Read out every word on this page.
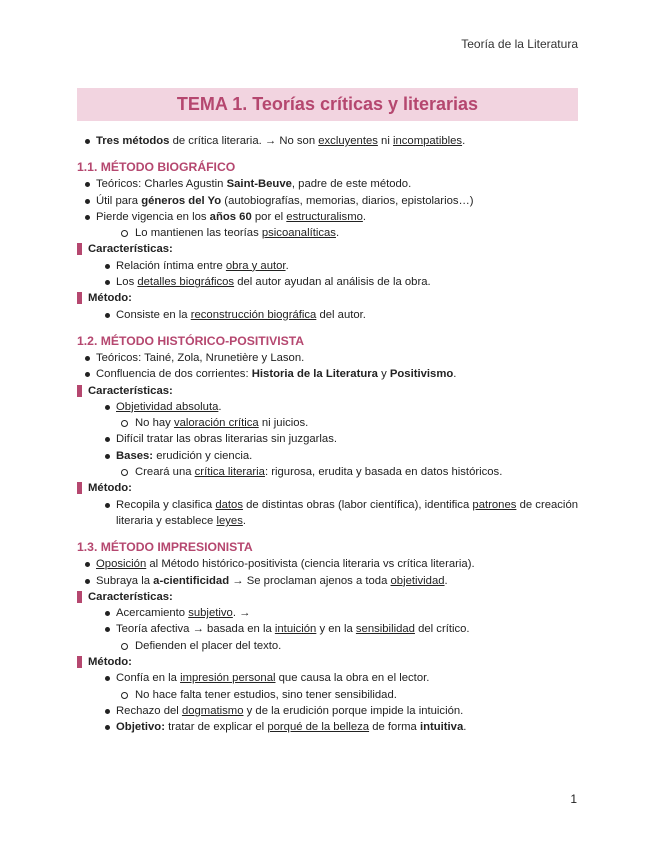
Teoría de la Literatura
TEMA 1. Teorías críticas y literarias
Tres métodos de crítica literaria. → No son excluyentes ni incompatibles.
1.1. MÉTODO BIOGRÁFICO
Teóricos: Charles Agustin Saint-Beuve, padre de este método.
Útil para géneros del Yo (autobiografías, memorias, diarios, epistolarios…)
Pierde vigencia en los años 60 por el estructuralismo.
Lo mantienen las teorías psicoanalíticas.
Características:
Relación íntima entre obra y autor.
Los detalles biográficos del autor ayudan al análisis de la obra.
Método:
Consiste en la reconstrucción biográfica del autor.
1.2. MÉTODO HISTÓRICO-POSITIVISTA
Teóricos: Tainé, Zola, Nrunetière y Lason.
Confluencia de dos corrientes: Historia de la Literatura y Positivismo.
Características:
Objetividad absoluta.
No hay valoración crítica ni juicios.
Difícil tratar las obras literarias sin juzgarlas.
Bases: erudición y ciencia.
Creará una crítica literaria: rigurosa, erudita y basada en datos históricos.
Método:
Recopila y clasifica datos de distintas obras (labor científica), identifica patrones de creación literaria y establece leyes.
1.3. MÉTODO IMPRESIONISTA
Oposición al Método histórico-positivista (ciencia literaria vs crítica literaria).
Subraya la a-cientificidad → Se proclaman ajenos a toda objetividad.
Características:
Acercamiento subjetivo. →
Teoría afectiva → basada en la intuición y en la sensibilidad del crítico.
Defienden el placer del texto.
Método:
Confía en la impresión personal que causa la obra en el lector.
No hace falta tener estudios, sino tener sensibilidad.
Rechazo del dogmatismo y de la erudición porque impide la intuición.
Objetivo: tratar de explicar el porqué de la belleza de forma intuitiva.
1
